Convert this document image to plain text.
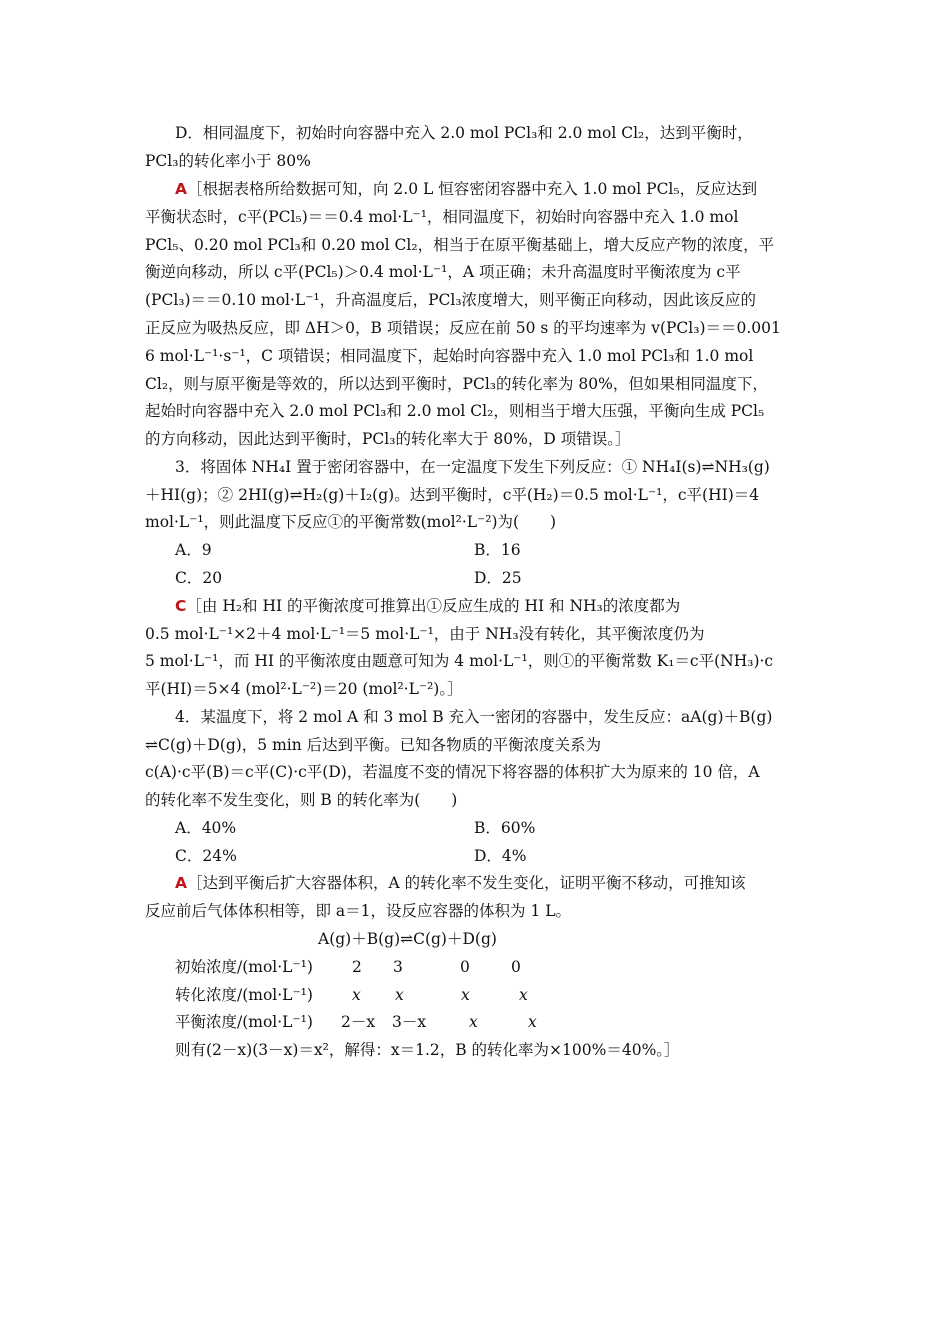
D．相同温度下，初始时向容器中充入 2.0 mol PCl₃和 2.0 mol Cl₂，达到平衡时，
PCl₃的转化率小于 80%
A［根据表格所给数据可知，向 2.0 L 恒容密闭容器中充入 1.0 mol PCl₅，反应达到
平衡状态时，c平(PCl₅)＝＝0.4 mol·L⁻¹，相同温度下，初始时向容器中充入 1.0 mol
PCl₅、0.20 mol PCl₃和 0.20 mol Cl₂，相当于在原平衡基础上，增大反应产物的浓度，平
衡逆向移动，所以 c平(PCl₅)＞0.4 mol·L⁻¹，A 项正确；未升高温度时平衡浓度为 c平
(PCl₃)＝＝0.10 mol·L⁻¹，升高温度后，PCl₃浓度增大，则平衡正向移动，因此该反应的
正反应为吸热反应，即 ΔH＞0，B 项错误；反应在前 50 s 的平均速率为 v(PCl₃)＝＝0.001
6 mol·L⁻¹·s⁻¹，C 项错误；相同温度下，起始时向容器中充入 1.0 mol PCl₃和 1.0 mol
Cl₂，则与原平衡是等效的，所以达到平衡时，PCl₃的转化率为 80%，但如果相同温度下，
起始时向容器中充入 2.0 mol PCl₃和 2.0 mol Cl₂，则相当于增大压强，平衡向生成 PCl₅
的方向移动，因此达到平衡时，PCl₃的转化率大于 80%，D 项错误。］
3．将固体 NH₄I 置于密闭容器中，在一定温度下发生下列反应：① NH₄I(s)⇌NH₃(g)
＋HI(g)；② 2HI(g)⇌H₂(g)＋I₂(g)。达到平衡时，c平(H₂)＝0.5 mol·L⁻¹，c平(HI)＝4
mol·L⁻¹，则此温度下反应①的平衡常数(mol²·L⁻²)为(　　)
A．9	B．16
C．20	D．25
C［由 H₂和 HI 的平衡浓度可推算出①反应生成的 HI 和 NH₃的浓度都为
0.5 mol·L⁻¹×2＋4 mol·L⁻¹＝5 mol·L⁻¹，由于 NH₃没有转化，其平衡浓度仍为
5 mol·L⁻¹，而 HI 的平衡浓度由题意可知为 4 mol·L⁻¹，则①的平衡常数 K₁＝c平(NH₃)·c
平(HI)＝5×4 (mol²·L⁻²)＝20 (mol²·L⁻²)。］
4．某温度下，将 2 mol A 和 3 mol B 充入一密闭的容器中，发生反应：aA(g)＋B(g)
⇌C(g)＋D(g)，5 min 后达到平衡。已知各物质的平衡浓度关系为
c(A)·c平(B)＝c平(C)·c平(D)，若温度不变的情况下将容器的体积扩大为原来的 10 倍，A
的转化率不发生变化，则 B 的转化率为(　　)
A．40%	B．60%
C．24%	D．4%
A［达到平衡后扩大容器体积，A 的转化率不发生变化，证明平衡不移动，可推知该
反应前后气体体积相等，即 a＝1，设反应容器的体积为 1 L。
A(g)＋B(g)⇌C(g)＋D(g)
初始浓度/(mol·L⁻¹)	2 3	0	0
转化浓度/(mol·L⁻¹)	x x	x	x
平衡浓度/(mol·L⁻¹) 2－x 3－x	x	x
则有(2－x)(3－x)＝x²，解得：x＝1.2，B 的转化率为×100%＝40%。］
